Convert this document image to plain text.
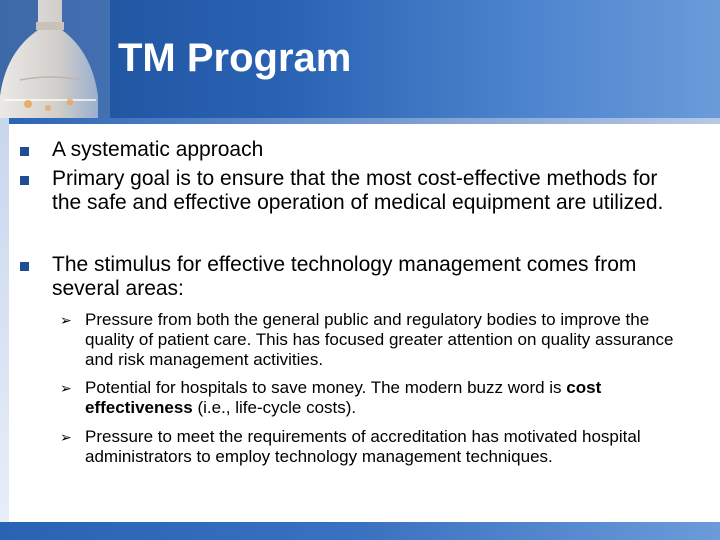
TM Program
A systematic approach
Primary goal is to ensure that the most cost-effective methods for the safe and effective operation of medical equipment are utilized.
The stimulus for effective technology management comes from several areas:
➢ Pressure from both the general public and regulatory bodies to improve the quality of patient care. This has focused greater attention on quality assurance and risk management activities.
➢ Potential for hospitals to save money. The modern buzz word is cost effectiveness (i.e., life-cycle costs).
➢ Pressure to meet the requirements of accreditation has motivated hospital administrators to employ technology management techniques.
